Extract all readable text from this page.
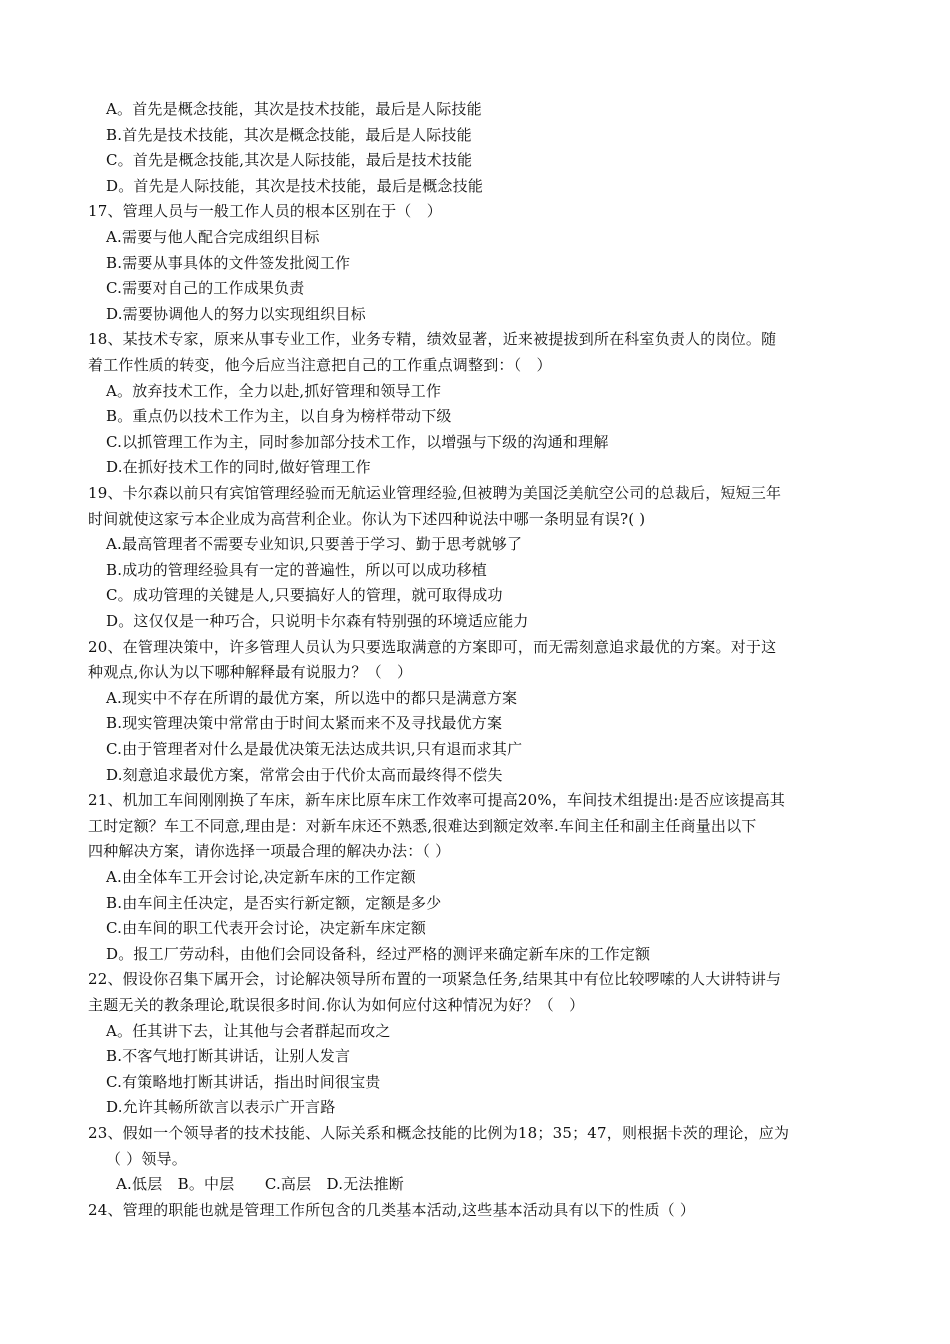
A。首先是概念技能，其次是技术技能，最后是人际技能
B.首先是技术技能，其次是概念技能，最后是人际技能
C。首先是概念技能,其次是人际技能，最后是技术技能
D。首先是人际技能，其次是技术技能，最后是概念技能
17、管理人员与一般工作人员的根本区别在于（　）
A.需要与他人配合完成组织目标
B.需要从事具体的文件签发批阅工作
C.需要对自己的工作成果负责
D.需要协调他人的努力以实现组织目标
18、某技术专家，原来从事专业工作，业务专精，绩效显著，近来被提拔到所在科室负责人的岗位。随
着工作性质的转变，他今后应当注意把自己的工作重点调整到：（　）
A。放弃技术工作，全力以赴,抓好管理和领导工作
B。重点仍以技术工作为主，以自身为榜样带动下级
C.以抓管理工作为主，同时参加部分技术工作，以增强与下级的沟通和理解
D.在抓好技术工作的同时,做好管理工作
19、卡尔森以前只有宾馆管理经验而无航运业管理经验,但被聘为美国泛美航空公司的总裁后，短短三年
时间就使这家亏本企业成为高营利企业。你认为下述四种说法中哪一条明显有误?( )
A.最高管理者不需要专业知识,只要善于学习、勤于思考就够了
B.成功的管理经验具有一定的普遍性，所以可以成功移植
C。成功管理的关键是人,只要搞好人的管理，就可取得成功
D。这仅仅是一种巧合，只说明卡尔森有特别强的环境适应能力
20、在管理决策中，许多管理人员认为只要选取满意的方案即可，而无需刻意追求最优的方案。对于这
种观点,你认为以下哪种解释最有说服力？（　）
A.现实中不存在所谓的最优方案，所以选中的都只是满意方案
B.现实管理决策中常常由于时间太紧而来不及寻找最优方案
C.由于管理者对什么是最优决策无法达成共识,只有退而求其广
D.刻意追求最优方案，常常会由于代价太高而最终得不偿失
21、机加工车间刚刚换了车床，新车床比原车床工作效率可提高20%，车间技术组提出:是否应该提高其
工时定额？车工不同意,理由是：对新车床还不熟悉,很难达到额定效率.车间主任和副主任商量出以下
四种解决方案，请你选择一项最合理的解决办法：（ ）
A.由全体车工开会讨论,决定新车床的工作定额
B.由车间主任决定，是否实行新定额，定额是多少
C.由车间的职工代表开会讨论，决定新车床定额
D。报工厂劳动科，由他们会同设备科，经过严格的测评来确定新车床的工作定额
22、假设你召集下属开会，讨论解决领导所布置的一项紧急任务,结果其中有位比较啰嗦的人大讲特讲与
主题无关的教条理论,耽误很多时间.你认为如何应付这种情况为好？（　）
A。任其讲下去，让其他与会者群起而攻之
B.不客气地打断其讲话，让别人发言
C.有策略地打断其讲话，指出时间很宝贵
D.允许其畅所欲言以表示广开言路
23、假如一个领导者的技术技能、人际关系和概念技能的比例为18；35；47，则根据卡茨的理论，应为
（ ）领导。
A.低层　B。中层　　C.高层　D.无法推断
24、管理的职能也就是管理工作所包含的几类基本活动,这些基本活动具有以下的性质（ ）
